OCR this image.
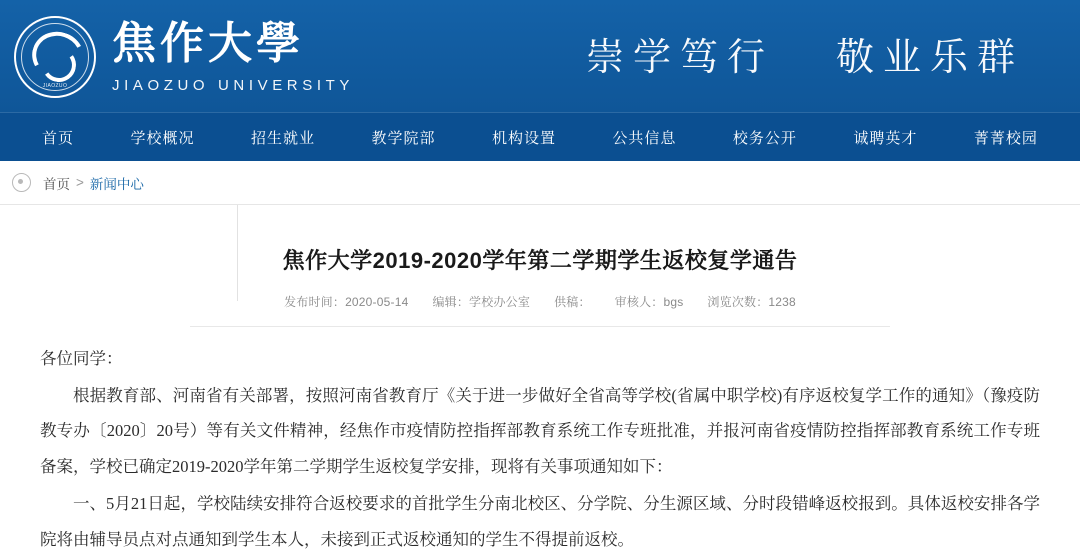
JIAOZUO
焦作大學
JIAOZUO UNIVERSITY
崇学笃行 敬业乐群
首页	学校概况	招生就业	教学院部	机构设置	公共信息	校务公开	诚聘英才	菁菁校园
首页 > 新闻中心
焦作大学2019-2020学年第二学期学生返校复学通告
发布时间：2020-05-14 编辑：学校办公室 供稿： 审核人：bgs 浏览次数：1238

各位同学：

根据教育部、河南省有关部署，按照河南省教育厅《关于进一步做好全省高等学校(省属中职学校)有序返校复学工作的通知》（豫疫防教专办〔2020〕20号）等有关文件精神，经焦作市疫情防控指挥部教育系统工作专班批准，并报河南省疫情防控指挥部教育系统工作专班备案，学校已确定2019-2020学年第二学期学生返校复学安排，现将有关事项通知如下：

一、5月21日起，学校陆续安排符合返校要求的首批学生分南北校区、分学院、分生源区域、分时段错峰返校报到。具体返校安排各学院将由辅导员点对点通知到学生本人，未接到正式返校通知的学生不得提前返校。
